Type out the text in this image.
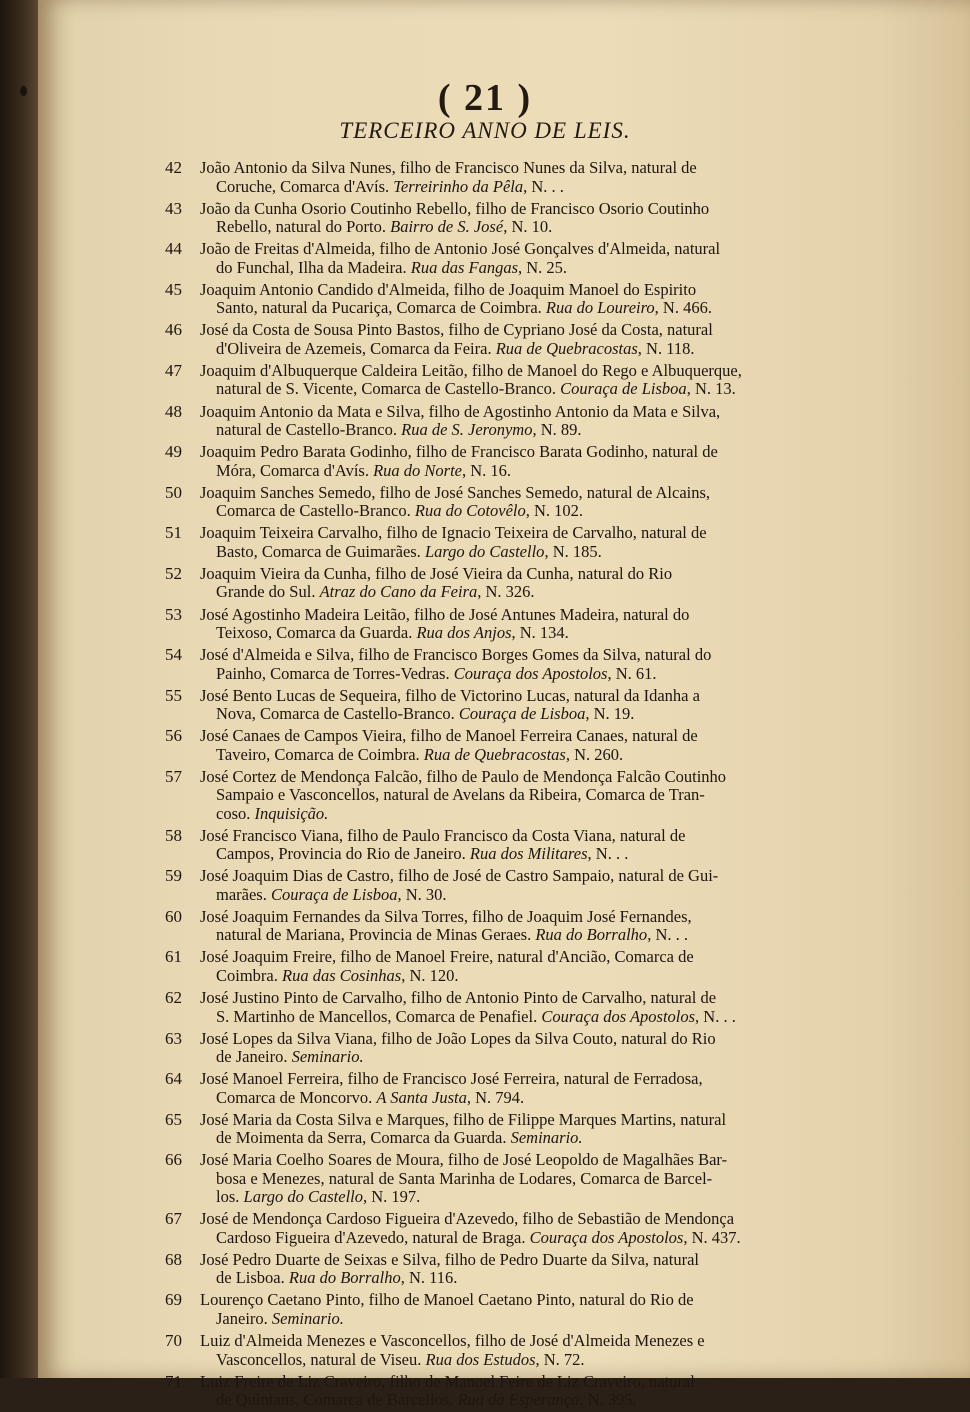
( 21 )
TERCEIRO ANNO DE LEIS.
42 João Antonio da Silva Nunes, filho de Francisco Nunes da Silva, natural de
Coruche, Comarca d'Avís. Terreirinho da Pêla, N. . .
43 João da Cunha Osorio Coutinho Rebello, filho de Francisco Osorio Coutinho
Rebello, natural do Porto. Bairro de S. José, N. 10.
44 João de Freitas d'Almeida, filho de Antonio José Gonçalves d'Almeida, natural
do Funchal, Ilha da Madeira. Rua das Fangas, N. 25.
45 Joaquim Antonio Candido d'Almeida, filho de Joaquim Manoel do Espirito
Santo, natural da Pucariça, Comarca de Coimbra. Rua do Loureiro, N. 466.
46 José da Costa de Sousa Pinto Bastos, filho de Cypriano José da Costa, natural
d'Oliveira de Azemeis, Comarca da Feira. Rua de Quebracostas, N. 118.
47 Joaquim d'Albuquerque Caldeira Leitão, filho de Manoel do Rego e Albuquerque,
natural de S. Vicente, Comarca de Castello-Branco. Couraça de Lisboa, N. 13.
48 Joaquim Antonio da Mata e Silva, filho de Agostinho Antonio da Mata e Silva,
natural de Castello-Branco. Rua de S. Jeronymo, N. 89.
49 Joaquim Pedro Barata Godinho, filho de Francisco Barata Godinho, natural de
Móra, Comarca d'Avís. Rua do Norte, N. 16.
50 Joaquim Sanches Semedo, filho de José Sanches Semedo, natural de Alcains,
Comarca de Castello-Branco. Rua do Cotovêlo, N. 102.
51 Joaquim Teixeira Carvalho, filho de Ignacio Teixeira de Carvalho, natural de
Basto, Comarca de Guimarães. Largo do Castello, N. 185.
52 Joaquim Vieira da Cunha, filho de José Vieira da Cunha, natural do Rio
Grande do Sul. Atraz do Cano da Feira, N. 326.
53 José Agostinho Madeira Leitão, filho de José Antunes Madeira, natural do
Teixoso, Comarca da Guarda. Rua dos Anjos, N. 134.
54 José d'Almeida e Silva, filho de Francisco Borges Gomes da Silva, natural do
Painho, Comarca de Torres-Vedras. Couraça dos Apostolos, N. 61.
55 José Bento Lucas de Sequeira, filho de Victorino Lucas, natural da Idanha a
Nova, Comarca de Castello-Branco. Couraça de Lisboa, N. 19.
56 José Canaes de Campos Vieira, filho de Manoel Ferreira Canaes, natural de
Taveiro, Comarca de Coimbra. Rua de Quebracostas, N. 260.
57 José Cortez de Mendonça Falcão, filho de Paulo de Mendonça Falcão Coutinho
Sampaio e Vasconcellos, natural de Avelans da Ribeira, Comarca de Tran-
coso. Inquisição.
58 José Francisco Viana, filho de Paulo Francisco da Costa Viana, natural de
Campos, Provincia do Rio de Janeiro. Rua dos Militares, N. . .
59 José Joaquim Dias de Castro, filho de José de Castro Sampaio, natural de Gui-
marães. Couraça de Lisboa, N. 30.
60 José Joaquim Fernandes da Silva Torres, filho de Joaquim José Fernandes,
natural de Mariana, Provincia de Minas Geraes. Rua do Borralho, N. . .
61 José Joaquim Freire, filho de Manoel Freire, natural d'Ancião, Comarca de
Coimbra. Rua das Cosinhas, N. 120.
62 José Justino Pinto de Carvalho, filho de Antonio Pinto de Carvalho, natural de
S. Martinho de Mancellos, Comarca de Penafiel. Couraça dos Apostolos, N. . .
63 José Lopes da Silva Viana, filho de João Lopes da Silva Couto, natural do Rio
de Janeiro. Seminario.
64 José Manoel Ferreira, filho de Francisco José Ferreira, natural de Ferradosa,
Comarca de Moncorvo. A Santa Justa, N. 794.
65 José Maria da Costa Silva e Marques, filho de Filippe Marques Martins, natural
de Moimenta da Serra, Comarca da Guarda. Seminario.
66 José Maria Coelho Soares de Moura, filho de José Leopoldo de Magalhães Bar-
bosa e Menezes, natural de Santa Marinha de Lodares, Comarca de Barcel-
los. Largo do Castello, N. 197.
67 José de Mendonça Cardoso Figueira d'Azevedo, filho de Sebastião de Mendonça
Cardoso Figueira d'Azevedo, natural de Braga. Couraça dos Apostolos, N. 437.
68 José Pedro Duarte de Seixas e Silva, filho de Pedro Duarte da Silva, natural
de Lisboa. Rua do Borralho, N. 116.
69 Lourenço Caetano Pinto, filho de Manoel Caetano Pinto, natural do Rio de
Janeiro. Seminario.
70 Luiz d'Almeida Menezes e Vasconcellos, filho de José d'Almeida Menezes e
Vasconcellos, natural de Viseu. Rua dos Estudos, N. 72.
71 Luiz Freire de Liz Craveiro, filho de Manoel Feire de Liz Craveiro, natural
de Quintans, Comarca de Barcellos. Rua da Esperança, N. 395.
